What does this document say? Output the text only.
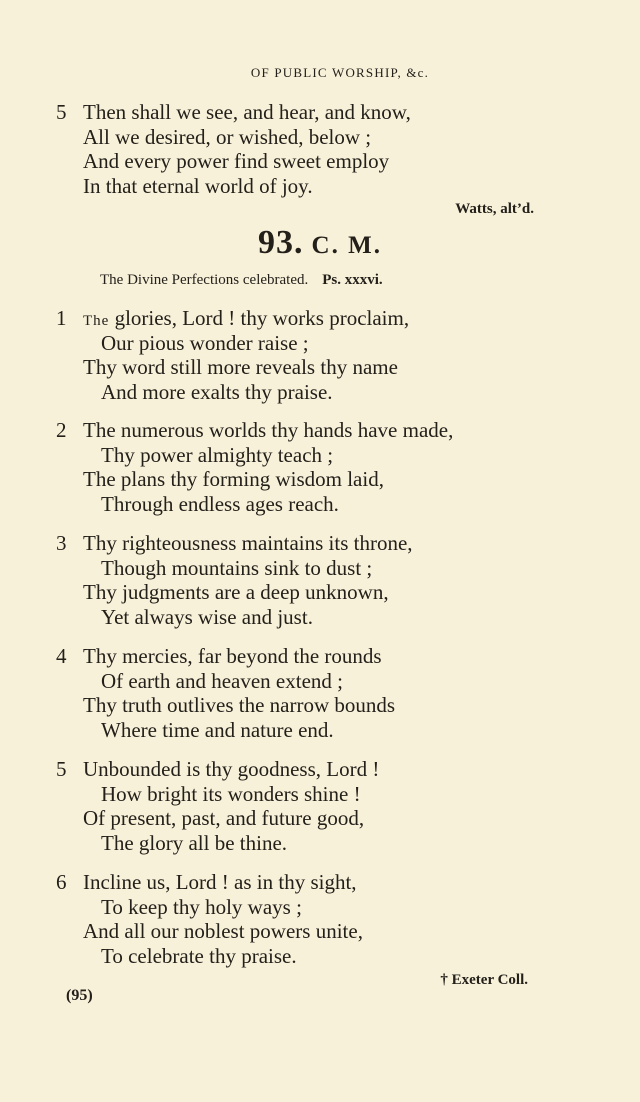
OF PUBLIC WORSHIP, &c.
5 Then shall we see, and hear, and know,
All we desired, or wished, below ;
And every power find sweet employ
In that eternal world of joy.
Watts, alt’d.
93. C. M.
The Divine Perfections celebrated. Ps. xxxvi.
1 The glories, Lord ! thy works proclaim,
Our pious wonder raise ;
Thy word still more reveals thy name
And more exalts thy praise.
2 The numerous worlds thy hands have made,
Thy power almighty teach ;
The plans thy forming wisdom laid,
Through endless ages reach.
3 Thy righteousness maintains its throne,
Though mountains sink to dust ;
Thy judgments are a deep unknown,
Yet always wise and just.
4 Thy mercies, far beyond the rounds
Of earth and heaven extend ;
Thy truth outlives the narrow bounds
Where time and nature end.
5 Unbounded is thy goodness, Lord !
How bright its wonders shine !
Of present, past, and future good,
The glory all be thine.
6 Incline us, Lord ! as in thy sight,
To keep thy holy ways ;
And all our noblest powers unite,
To celebrate thy praise.
† Exeter Coll.
(95)
